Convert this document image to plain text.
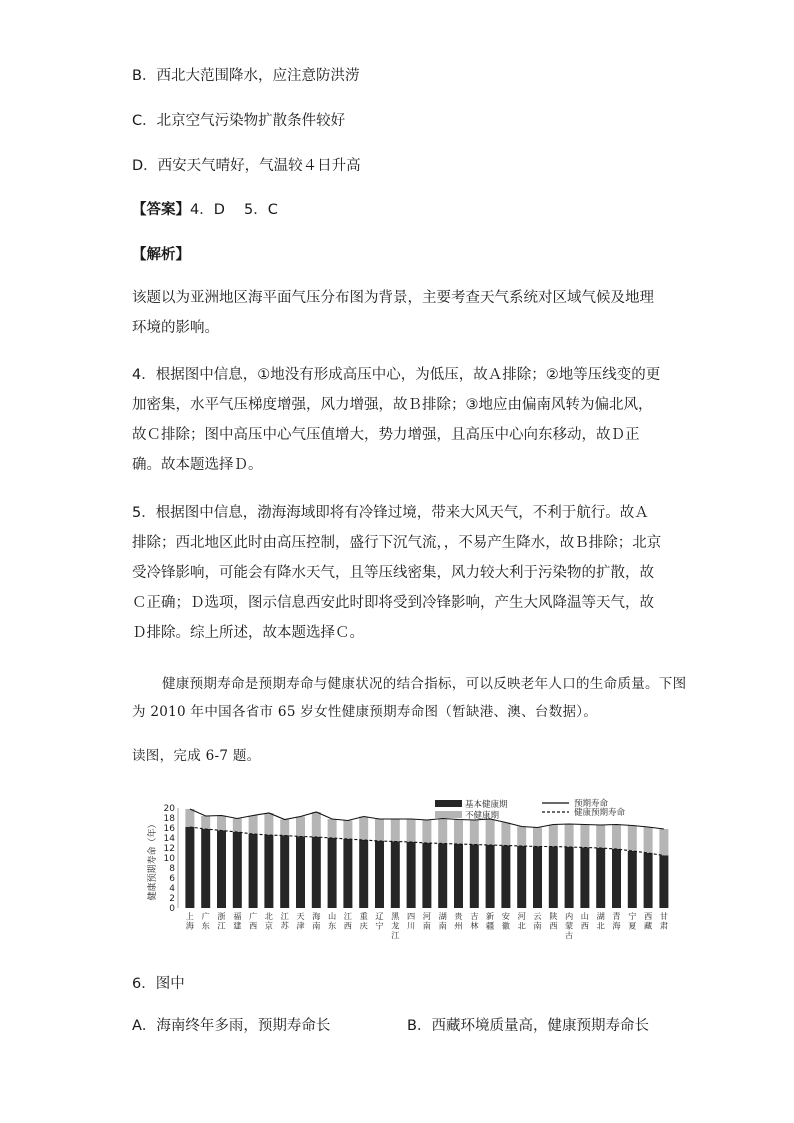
B．西北大范围降水，应注意防洪涝
C．北京空气污染物扩散条件较好
D．西安天气晴好，气温较４日升高
【答案】4．D　 5．C
【解析】
该题以为亚洲地区海平面气压分布图为背景，主要考查天气系统对区域气候及地理环境的影响。
4．根据图中信息，①地没有形成高压中心，为低压，故Ａ排除；②地等压线变的更加密集，水平气压梯度增强，风力增强，故Ｂ排除；③地应由偏南风转为偏北风，故Ｃ排除；图中高压中心气压值增大，势力增强，且高压中心向东移动，故Ｄ正确。故本题选择Ｄ。
5．根据图中信息，渤海海域即将有冷锋过境，带来大风天气，不利于航行。故Ａ排除；西北地区此时由高压控制，盛行下沉气流，，不易产生降水，故Ｂ排除；北京受冷锋影响，可能会有降水天气，且等压线密集，风力较大利于污染物的扩散，故Ｃ正确；Ｄ选项，图示信息西安此时即将受到冷锋影响，产生大风降温等天气，故Ｄ排除。综上所述，故本题选择Ｃ。
健康预期寿命是预期寿命与健康状况的结合指标，可以反映老年人口的生命质量。下图为 2010 年中国各省市 65 岁女性健康预期寿命图（暂缺港、澳、台数据）。
读图，完成 6-7 题。
健康预期寿命（年）
0
2
4
6
8
10
12
14
16
18
20
上海
广东
浙江
福建
广西
北京
江苏
天津
海南
山东
江西
重庆
辽宁
黑龙江
四川
河南
湖南
贵州
吉林
新疆
安徽
河北
云南
陕西
内蒙古
山西
湖北
青海
宁夏
西藏
甘肃
基本健康期
不健康期
预期寿命
健康预期寿命
6．图中
A．海南终年多雨，预期寿命长	B．西藏环境质量高，健康预期寿命长
